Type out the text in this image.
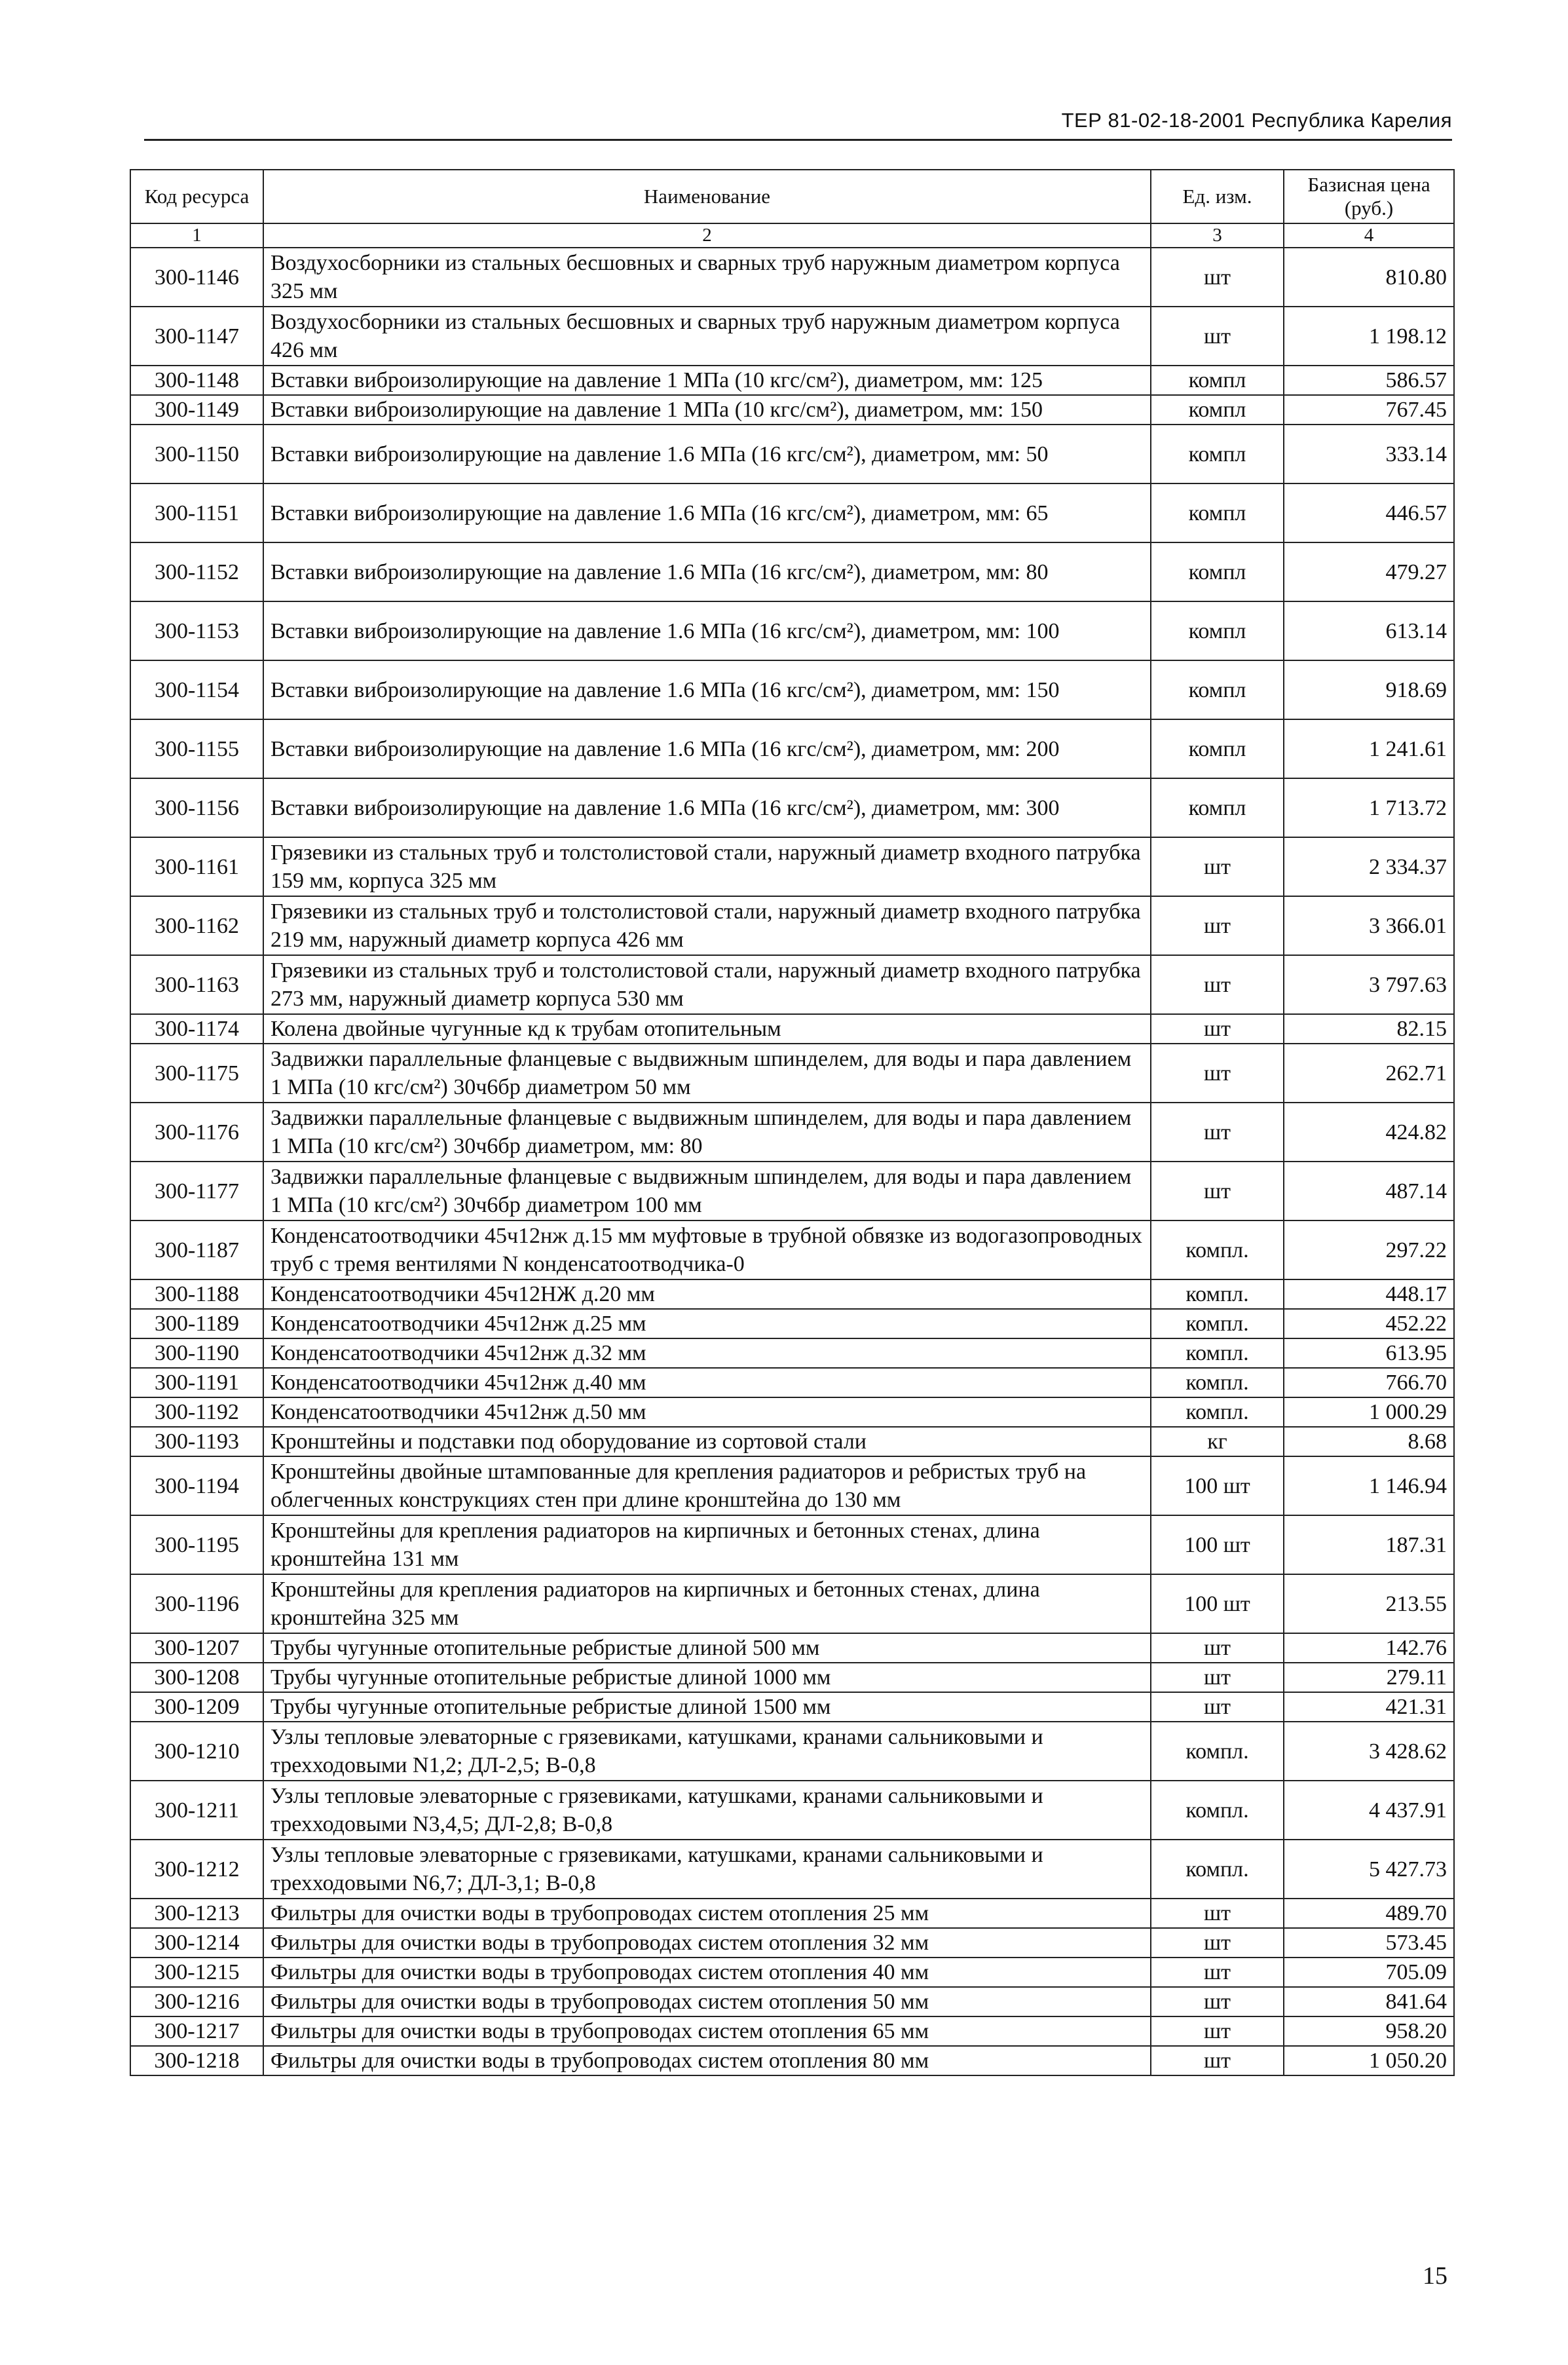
ТЕР 81-02-18-2001 Республика Карелия
Код ресурса	Наименование	Ед. изм.	Базисная цена (руб.)
1	2	3	4
300-1146	Воздухосборники из стальных бесшовных и сварных труб наружным диаметром корпуса 325 мм	шт	810.80
300-1147	Воздухосборники из стальных бесшовных и сварных труб наружным диаметром корпуса 426 мм	шт	1 198.12
300-1148	Вставки виброизолирующие на давление 1 МПа (10 кгс/см²), диаметром, мм: 125	компл	586.57
300-1149	Вставки виброизолирующие на давление 1 МПа (10 кгс/см²), диаметром, мм: 150	компл	767.45
300-1150	Вставки виброизолирующие на давление 1.6 МПа (16 кгс/см²), диаметром, мм: 50	компл	333.14
300-1151	Вставки виброизолирующие на давление 1.6 МПа (16 кгс/см²), диаметром, мм: 65	компл	446.57
300-1152	Вставки виброизолирующие на давление 1.6 МПа (16 кгс/см²), диаметром, мм: 80	компл	479.27
300-1153	Вставки виброизолирующие на давление 1.6 МПа (16 кгс/см²), диаметром, мм: 100	компл	613.14
300-1154	Вставки виброизолирующие на давление 1.6 МПа (16 кгс/см²), диаметром, мм: 150	компл	918.69
300-1155	Вставки виброизолирующие на давление 1.6 МПа (16 кгс/см²), диаметром, мм: 200	компл	1 241.61
300-1156	Вставки виброизолирующие на давление 1.6 МПа (16 кгс/см²), диаметром, мм: 300	компл	1 713.72
300-1161	Грязевики из стальных труб и толстолистовой стали, наружный диаметр входного патрубка 159 мм, корпуса 325 мм	шт	2 334.37
300-1162	Грязевики из стальных труб и толстолистовой стали, наружный диаметр входного патрубка 219 мм, наружный диаметр корпуса 426 мм	шт	3 366.01
300-1163	Грязевики из стальных труб и толстолистовой стали, наружный диаметр входного патрубка 273 мм, наружный диаметр корпуса 530 мм	шт	3 797.63
300-1174	Колена двойные чугунные кд к трубам отопительным	шт	82.15
300-1175	Задвижки параллельные фланцевые с выдвижным шпинделем, для воды и пара давлением 1 МПа (10 кгс/см²) 30ч6бр диаметром 50 мм	шт	262.71
300-1176	Задвижки параллельные фланцевые с выдвижным шпинделем, для воды и пара давлением 1 МПа (10 кгс/см²) 30ч6бр диаметром, мм: 80	шт	424.82
300-1177	Задвижки параллельные фланцевые с выдвижным шпинделем, для воды и пара давлением 1 МПа (10 кгс/см²) 30ч6бр диаметром 100 мм	шт	487.14
300-1187	Конденсатоотводчики 45ч12нж д.15 мм муфтовые в трубной обвязке из водогазопроводных труб с тремя вентилями N конденсатоотводчика-0	компл.	297.22
300-1188	Конденсатоотводчики 45ч12НЖ д.20 мм	компл.	448.17
300-1189	Конденсатоотводчики 45ч12нж д.25 мм	компл.	452.22
300-1190	Конденсатоотводчики 45ч12нж д.32 мм	компл.	613.95
300-1191	Конденсатоотводчики 45ч12нж д.40 мм	компл.	766.70
300-1192	Конденсатоотводчики 45ч12нж д.50 мм	компл.	1 000.29
300-1193	Кронштейны и подставки под оборудование из сортовой стали	кг	8.68
300-1194	Кронштейны двойные штампованные для крепления радиаторов и ребристых труб на облегченных конструкциях стен при длине кронштейна до 130 мм	100 шт	1 146.94
300-1195	Кронштейны для крепления радиаторов на кирпичных и бетонных стенах, длина кронштейна 131 мм	100 шт	187.31
300-1196	Кронштейны для крепления радиаторов на кирпичных и бетонных стенах, длина кронштейна 325 мм	100 шт	213.55
300-1207	Трубы чугунные отопительные ребристые длиной 500 мм	шт	142.76
300-1208	Трубы чугунные отопительные ребристые длиной 1000 мм	шт	279.11
300-1209	Трубы чугунные отопительные ребристые длиной 1500 мм	шт	421.31
300-1210	Узлы тепловые элеваторные с грязевиками, катушками, кранами сальниковыми и трехходовыми N1,2; ДЛ-2,5; В-0,8	компл.	3 428.62
300-1211	Узлы тепловые элеваторные с грязевиками, катушками, кранами сальниковыми и трехходовыми N3,4,5; ДЛ-2,8; В-0,8	компл.	4 437.91
300-1212	Узлы тепловые элеваторные с грязевиками, катушками, кранами сальниковыми и трехходовыми N6,7; ДЛ-3,1; В-0,8	компл.	5 427.73
300-1213	Фильтры для очистки воды в трубопроводах систем отопления 25 мм	шт	489.70
300-1214	Фильтры для очистки воды в трубопроводах систем отопления 32 мм	шт	573.45
300-1215	Фильтры для очистки воды в трубопроводах систем отопления 40 мм	шт	705.09
300-1216	Фильтры для очистки воды в трубопроводах систем отопления 50 мм	шт	841.64
300-1217	Фильтры для очистки воды в трубопроводах систем отопления 65 мм	шт	958.20
300-1218	Фильтры для очистки воды в трубопроводах систем отопления 80 мм	шт	1 050.20
15
